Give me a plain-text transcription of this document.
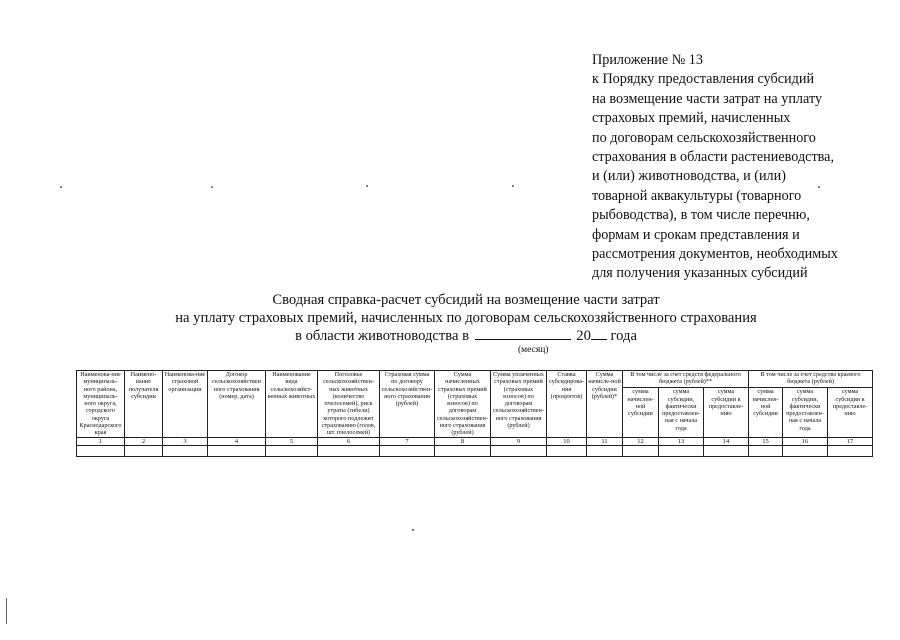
Приложение № 13
к Порядку предоставления субсидий
на возмещение части затрат на уплату
страховых премий, начисленных
по договорам сельскохозяйственного
страхования в области растениеводства,
и (или) животноводства, и (или)
товарной аквакультуры (товарного
рыбоводства), в том числе перечню,
формам и срокам представления и
рассмотрения документов, необходимых
для получения указанных субсидий
Сводная справка-расчет субсидий на возмещение части затрат
на уплату страховых премий, начисленных по договорам сельскохозяйственного страхования
в области животноводства в	20 года
(месяц)
Наименова-ние муниципаль-ного района, муниципаль-ного округа, городского округа Краснодарского края	Наимено-вание получателя субсидии	Наименова-ние страховой организации	Договор сельскохозяйствен ного страхования (номер, дата)	Наименование вида сельскохозяйст-венных животных	Поголовье сельскохозяйствен-ных животных (количество пчелосемей), риск утраты (гибели) которого подлежит страхованию (голов, шт. пчелосемей)	Страховая сумма по договору сельскохозяйствен-ного страхования (рублей)	Сумма начисленных страховых премий (страховых взносов) по договорам сельскохозяйствен-ного страхования (рублей)	Сумма уплаченных страховых премий (страховых взносов) по договорам сельскохозяйствен-ного страхования (рублей)	Ставка субсидирова-ния (процентов)	Сумма начисле-ной субсидии (рублей)*	В том числе за счет средств федерального бюджета (рублей)**			В том числе за счет средства краевого бюджета (рублей)		
											сумма начислен-ной субсидии	сумма субсидии, фактически предоставлен-ная с начала года	сумма субсидии к предоставле-нию	сумма начислен-ной субсидии	сумма субсидии, фактически предоставлен-ная с начала года	сумма субсидии к предоставле-нию
1	2	3	4	5	6	7	8	9	10	11	12	13	14	15	16	17
